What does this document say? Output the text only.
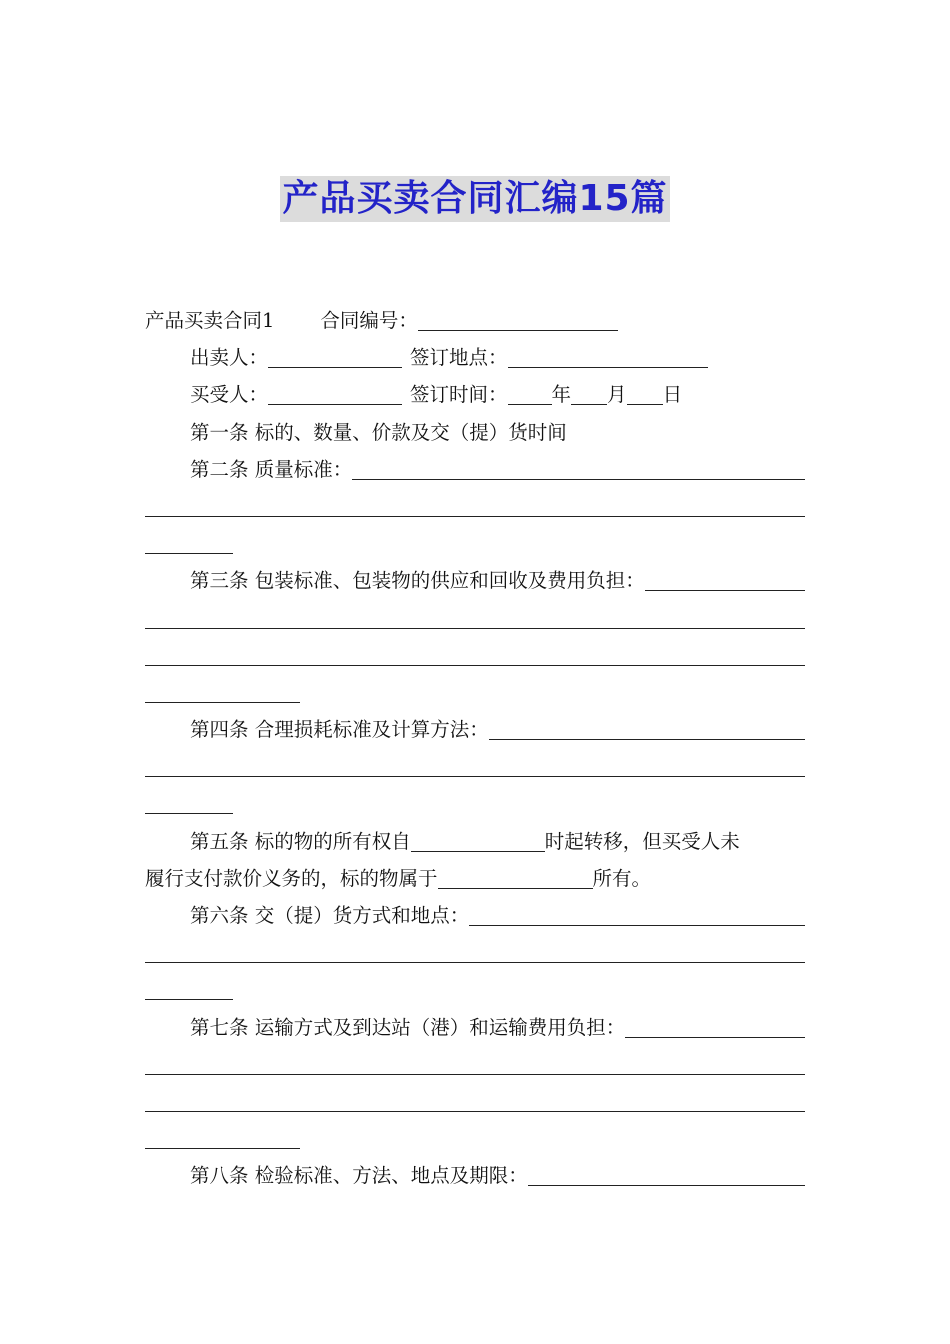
产品买卖合同汇编15篇
产品买卖合同1 合同编号：
出卖人：	签订地点：
买受人：	签订时间： 年 月 日
第一条 标的、数量、价款及交（提）货时间
第二条 质量标准：
第三条 包装标准、包装物的供应和回收及费用负担：
第四条 合理损耗标准及计算方法：
第五条 标的物的所有权自	时起转移，但买受人未
履行支付款价义务的，标的物属于	所有。
第六条 交（提）货方式和地点：
第七条 运输方式及到达站（港）和运输费用负担：
第八条 检验标准、方法、地点及期限：
